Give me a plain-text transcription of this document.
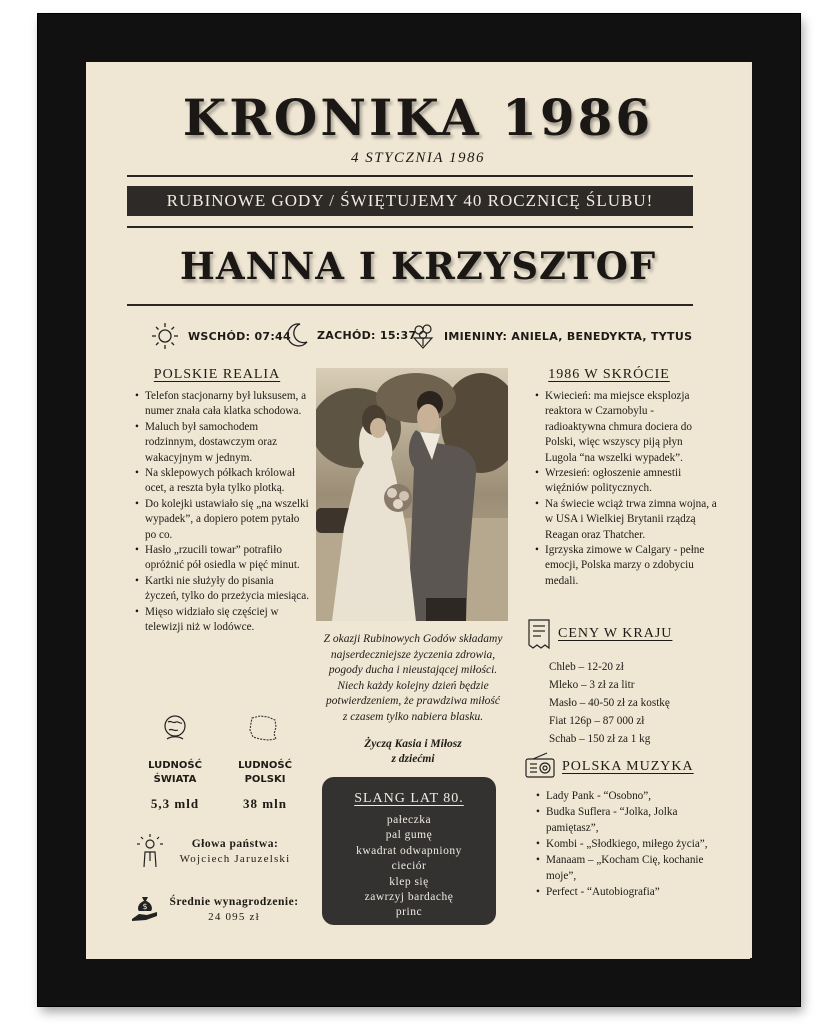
KRONIKA 1986
4 STYCZNIA 1986
RUBINOWE GODY / ŚWIĘTUJEMY 40 ROCZNICĘ ŚLUBU!
HANNA I KRZYSZTOF
WSCHÓD: 07:44 ZACHÓD: 15:37	IMIENINY: ANIELA, BENEDYKTA, TYTUS
POLSKIE REALIA
• Telefon stacjonarny był luksusem, a numer znała cała klatka schodowa.
• Maluch był samochodem rodzinnym, dostawczym oraz wakacyjnym w jednym.
• Na sklepowych półkach królował ocet, a reszta była tylko plotką.
• Do kolejki ustawiało się „na wszelki wypadek”, a dopiero potem pytało po co.
• Hasło „rzucili towar” potrafiło opróżnić pół osiedla w pięć minut.
• Kartki nie służyły do pisania życzeń, tylko do przeżycia miesiąca.
• Mięso widziało się częściej w telewizji niż w lodówce.
LUDNOŚĆ
ŚWIATA
LUDNOŚĆ
POLSKI
5,3 mld	38 mln
Głowa państwa:
Wojciech Jaruzelski
$	Średnie wynagrodzenie:
24 095 zł
Z okazji Rubinowych Godów składamy
najserdeczniejsze życzenia zdrowia,
pogody ducha i nieustającej miłości.
Niech każdy kolejny dzień będzie
potwierdzeniem, że prawdziwa miłość
z czasem tylko nabiera blasku.
Życzą Kasia i Miłosz
z dziećmi
SLANG LAT 80.
pałeczka
pal gumę
kwadrat odwapniony
cieciór
klep się
zawrzyj bardachę
princ
1986 W SKRÓCIE
• Kwiecień: ma miejsce eksplozja reaktora w Czarnobylu - radioaktywna chmura dociera do Polski, więc wszyscy piją płyn Lugola “na wszelki wypadek”.
• Wrzesień: ogłoszenie amnestii więźniów politycznych.
• Na świecie wciąż trwa zimna wojna, a w USA i Wielkiej Brytanii rządzą Reagan oraz Thatcher.
• Igrzyska zimowe w Calgary - pełne emocji, Polska marzy o zdobyciu medali.
CENY W KRAJU
Chleb – 12-20 zł
Mleko – 3 zł za litr
Masło – 40-50 zł za kostkę
Fiat 126p – 87 000 zł
Schab – 150 zł za 1 kg
POLSKA MUZYKA
• Lady Pank - “Osobno”,
• Budka Suflera - “Jolka, Jolka pamiętasz”,
• Kombi - „Słodkiego, miłego życia”,
• Manaam – „Kocham Cię, kochanie moje”,
• Perfect - “Autobiografia”
